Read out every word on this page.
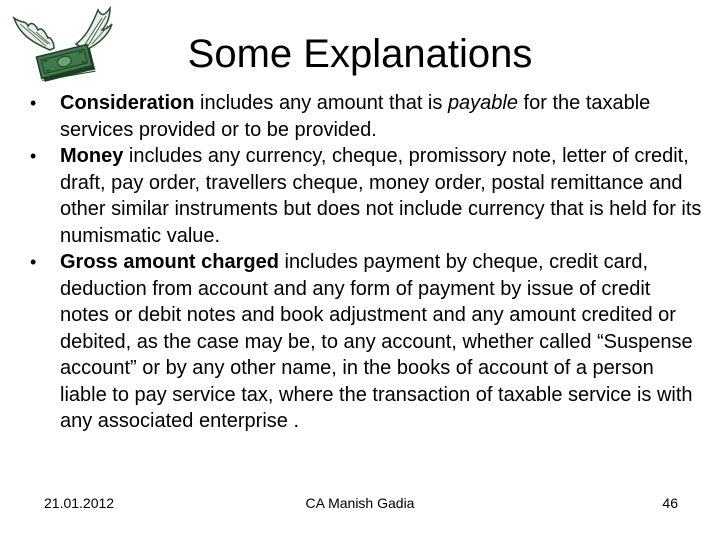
Some Explanations
•	Consideration includes any amount that is payable for the taxable services provided or to be provided.
•	Money includes any currency, cheque, promissory note, letter of credit, draft, pay order, travellers cheque, money order, postal remittance and other similar instruments but does not include currency that is held for its numismatic value.
•	Gross amount charged includes payment by cheque, credit card, deduction from account and any form of payment by issue of credit notes or debit notes and book adjustment and any amount credited or debited, as the case may be, to any account, whether called “Suspense account” or by any other name, in the books of account of a person liable to pay service tax, where the transaction of taxable service is with any associated enterprise .
21.01.2012	CA Manish Gadia	46
